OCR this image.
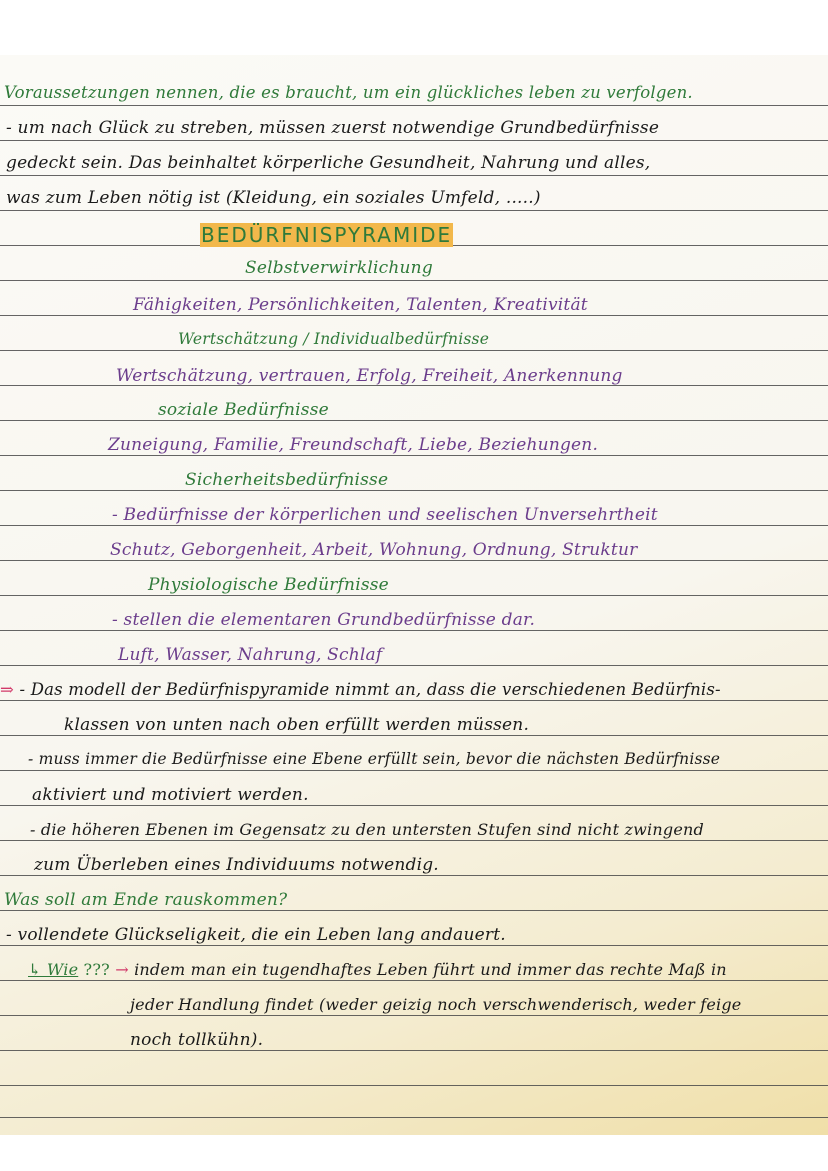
Voraussetzungen nennen, die es braucht, um ein glückliches leben zu verfolgen.
- um nach Glück zu streben, müssen zuerst notwendige Grundbedürfnisse
gedeckt sein. Das beinhaltet körperliche Gesundheit, Nahrung und alles,
was zum Leben nötig ist (Kleidung, ein soziales Umfeld, .....)
BEDÜRFNISPYRAMIDE
Selbstverwirklichung
Fähigkeiten, Persönlichkeiten, Talenten, Kreativität
Wertschätzung / Individualbedürfnisse
Wertschätzung, vertrauen, Erfolg, Freiheit, Anerkennung
soziale Bedürfnisse
Zuneigung, Familie, Freundschaft, Liebe, Beziehungen.
Sicherheitsbedürfnisse
- Bedürfnisse der körperlichen und seelischen Unversehrtheit
Schutz, Geborgenheit, Arbeit, Wohnung, Ordnung, Struktur
Physiologische Bedürfnisse
- stellen die elementaren Grundbedürfnisse dar.
Luft, Wasser, Nahrung, Schlaf
⇒ - Das modell der Bedürfnispyramide nimmt an, dass die verschiedenen Bedürfnis-
klassen von unten nach oben erfüllt werden müssen.
- muss immer die Bedürfnisse eine Ebene erfüllt sein, bevor die nächsten Bedürfnisse
aktiviert und motiviert werden.
- die höheren Ebenen im Gegensatz zu den untersten Stufen sind nicht zwingend
zum Überleben eines Individuums notwendig.
Was soll am Ende rauskommen?
- vollendete Glückseligkeit, die ein Leben lang andauert.
↳ Wie ??? → indem man ein tugendhaftes Leben führt und immer das rechte Maß in
jeder Handlung findet (weder geizig noch verschwenderisch, weder feige
noch tollkühn).
